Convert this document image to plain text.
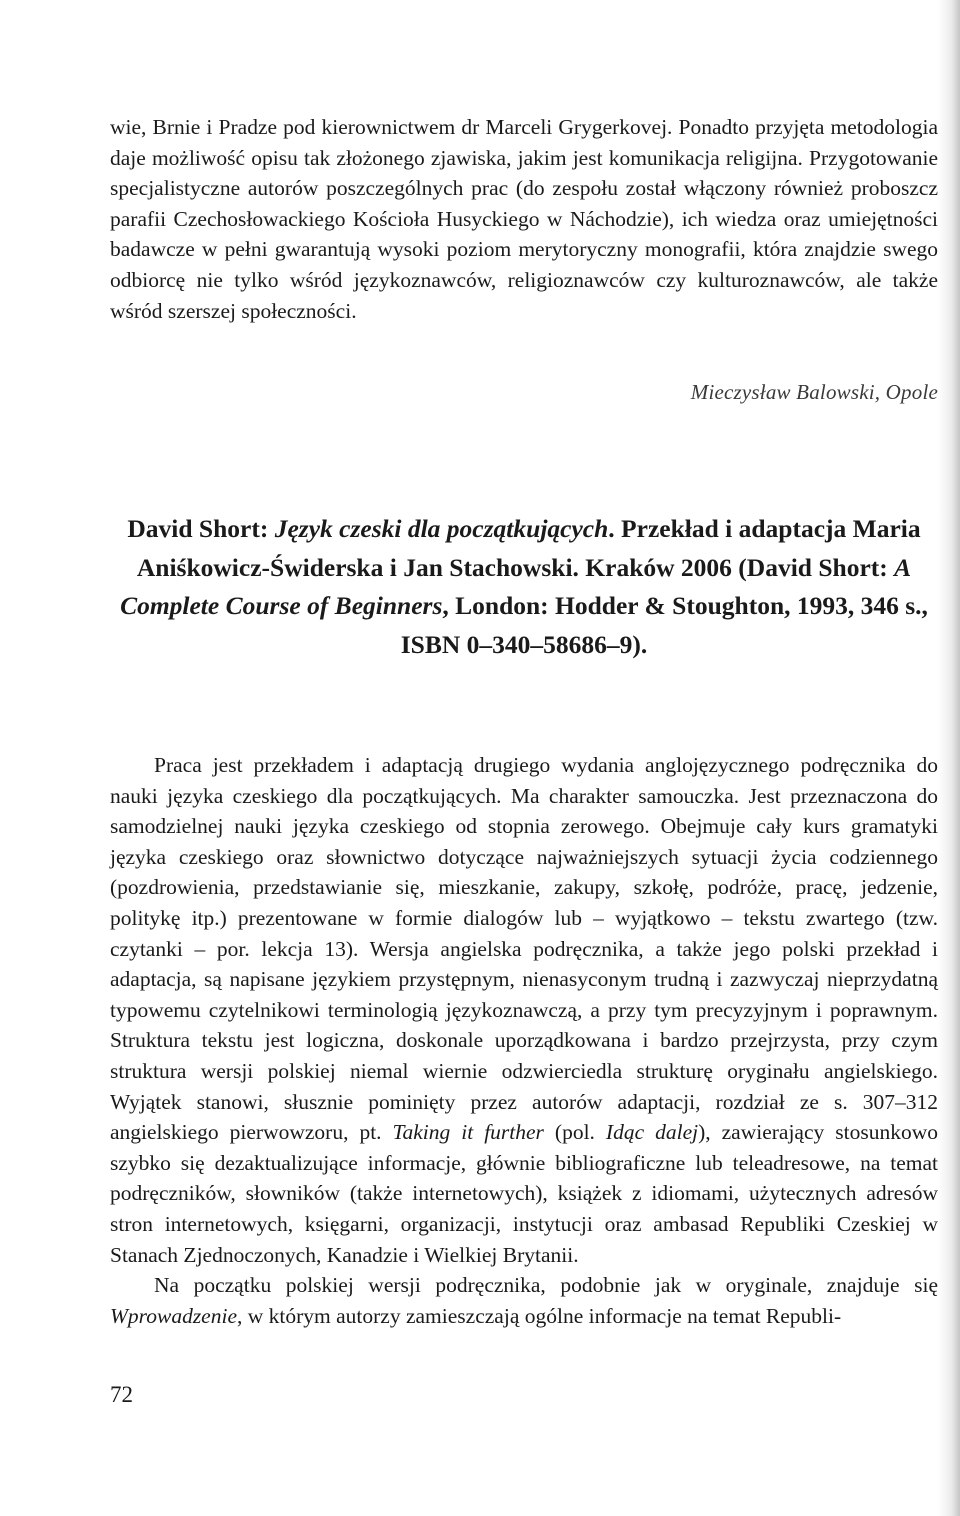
wie, Brnie i Pradze pod kierownictwem dr Marceli Grygerkovej. Ponadto przyjęta metodologia daje możliwość opisu tak złożonego zjawiska, jakim jest komunikacja religijna. Przygotowanie specjalistyczne autorów poszczególnych prac (do zespołu został włączony również proboszcz parafii Czechosłowackiego Kościoła Husyckiego w Náchodzie), ich wiedza oraz umiejętności badawcze w pełni gwarantują wysoki poziom merytoryczny monografii, która znajdzie swego odbiorcę nie tylko wśród językoznawców, religioznawców czy kulturoznawców, ale także wśród szerszej społeczności.

Mieczysław Balowski, Opole
David Short: Język czeski dla początkujących. Przekład i adaptacja Maria Aniśkowicz-Świderska i Jan Stachowski. Kraków 2006 (David Short: A Complete Course of Beginners, London: Hodder & Stoughton, 1993, 346 s., ISBN 0–340–58686–9).

Praca jest przekładem i adaptacją drugiego wydania anglojęzycznego podręcznika do nauki języka czeskiego dla początkujących. Ma charakter samouczka. Jest przeznaczona do samodzielnej nauki języka czeskiego od stopnia zerowego. Obejmuje cały kurs gramatyki języka czeskiego oraz słownictwo dotyczące najważniejszych sytuacji życia codziennego (pozdrowienia, przedstawianie się, mieszkanie, zakupy, szkołę, podróże, pracę, jedzenie, politykę itp.) prezentowane w formie dialogów lub – wyjątkowo – tekstu zwartego (tzw. czytanki – por. lekcja 13). Wersja angielska podręcznika, a także jego polski przekład i adaptacja, są napisane językiem przystępnym, nienasyconym trudną i zazwyczaj nieprzydatną typowemu czytelnikowi terminologią językoznawczą, a przy tym precyzyjnym i poprawnym. Struktura tekstu jest logiczna, doskonale uporządkowana i bardzo przejrzysta, przy czym struktura wersji polskiej niemal wiernie odzwierciedla strukturę oryginału angielskiego. Wyjątek stanowi, słusznie pominięty przez autorów adaptacji, rozdział ze s. 307–312 angielskiego pierwowzoru, pt. Taking it further (pol. Idąc dalej), zawierający stosunkowo szybko się dezaktualizujące informacje, głównie bibliograficzne lub teleadresowe, na temat podręczników, słowników (także internetowych), książek z idiomami, użytecznych adresów stron internetowych, księgarni, organizacji, instytucji oraz ambasad Republiki Czeskiej w Stanach Zjednoczonych, Kanadzie i Wielkiej Brytanii.

Na początku polskiej wersji podręcznika, podobnie jak w oryginale, znajduje się Wprowadzenie, w którym autorzy zamieszczają ogólne informacje na temat Republi-

72
